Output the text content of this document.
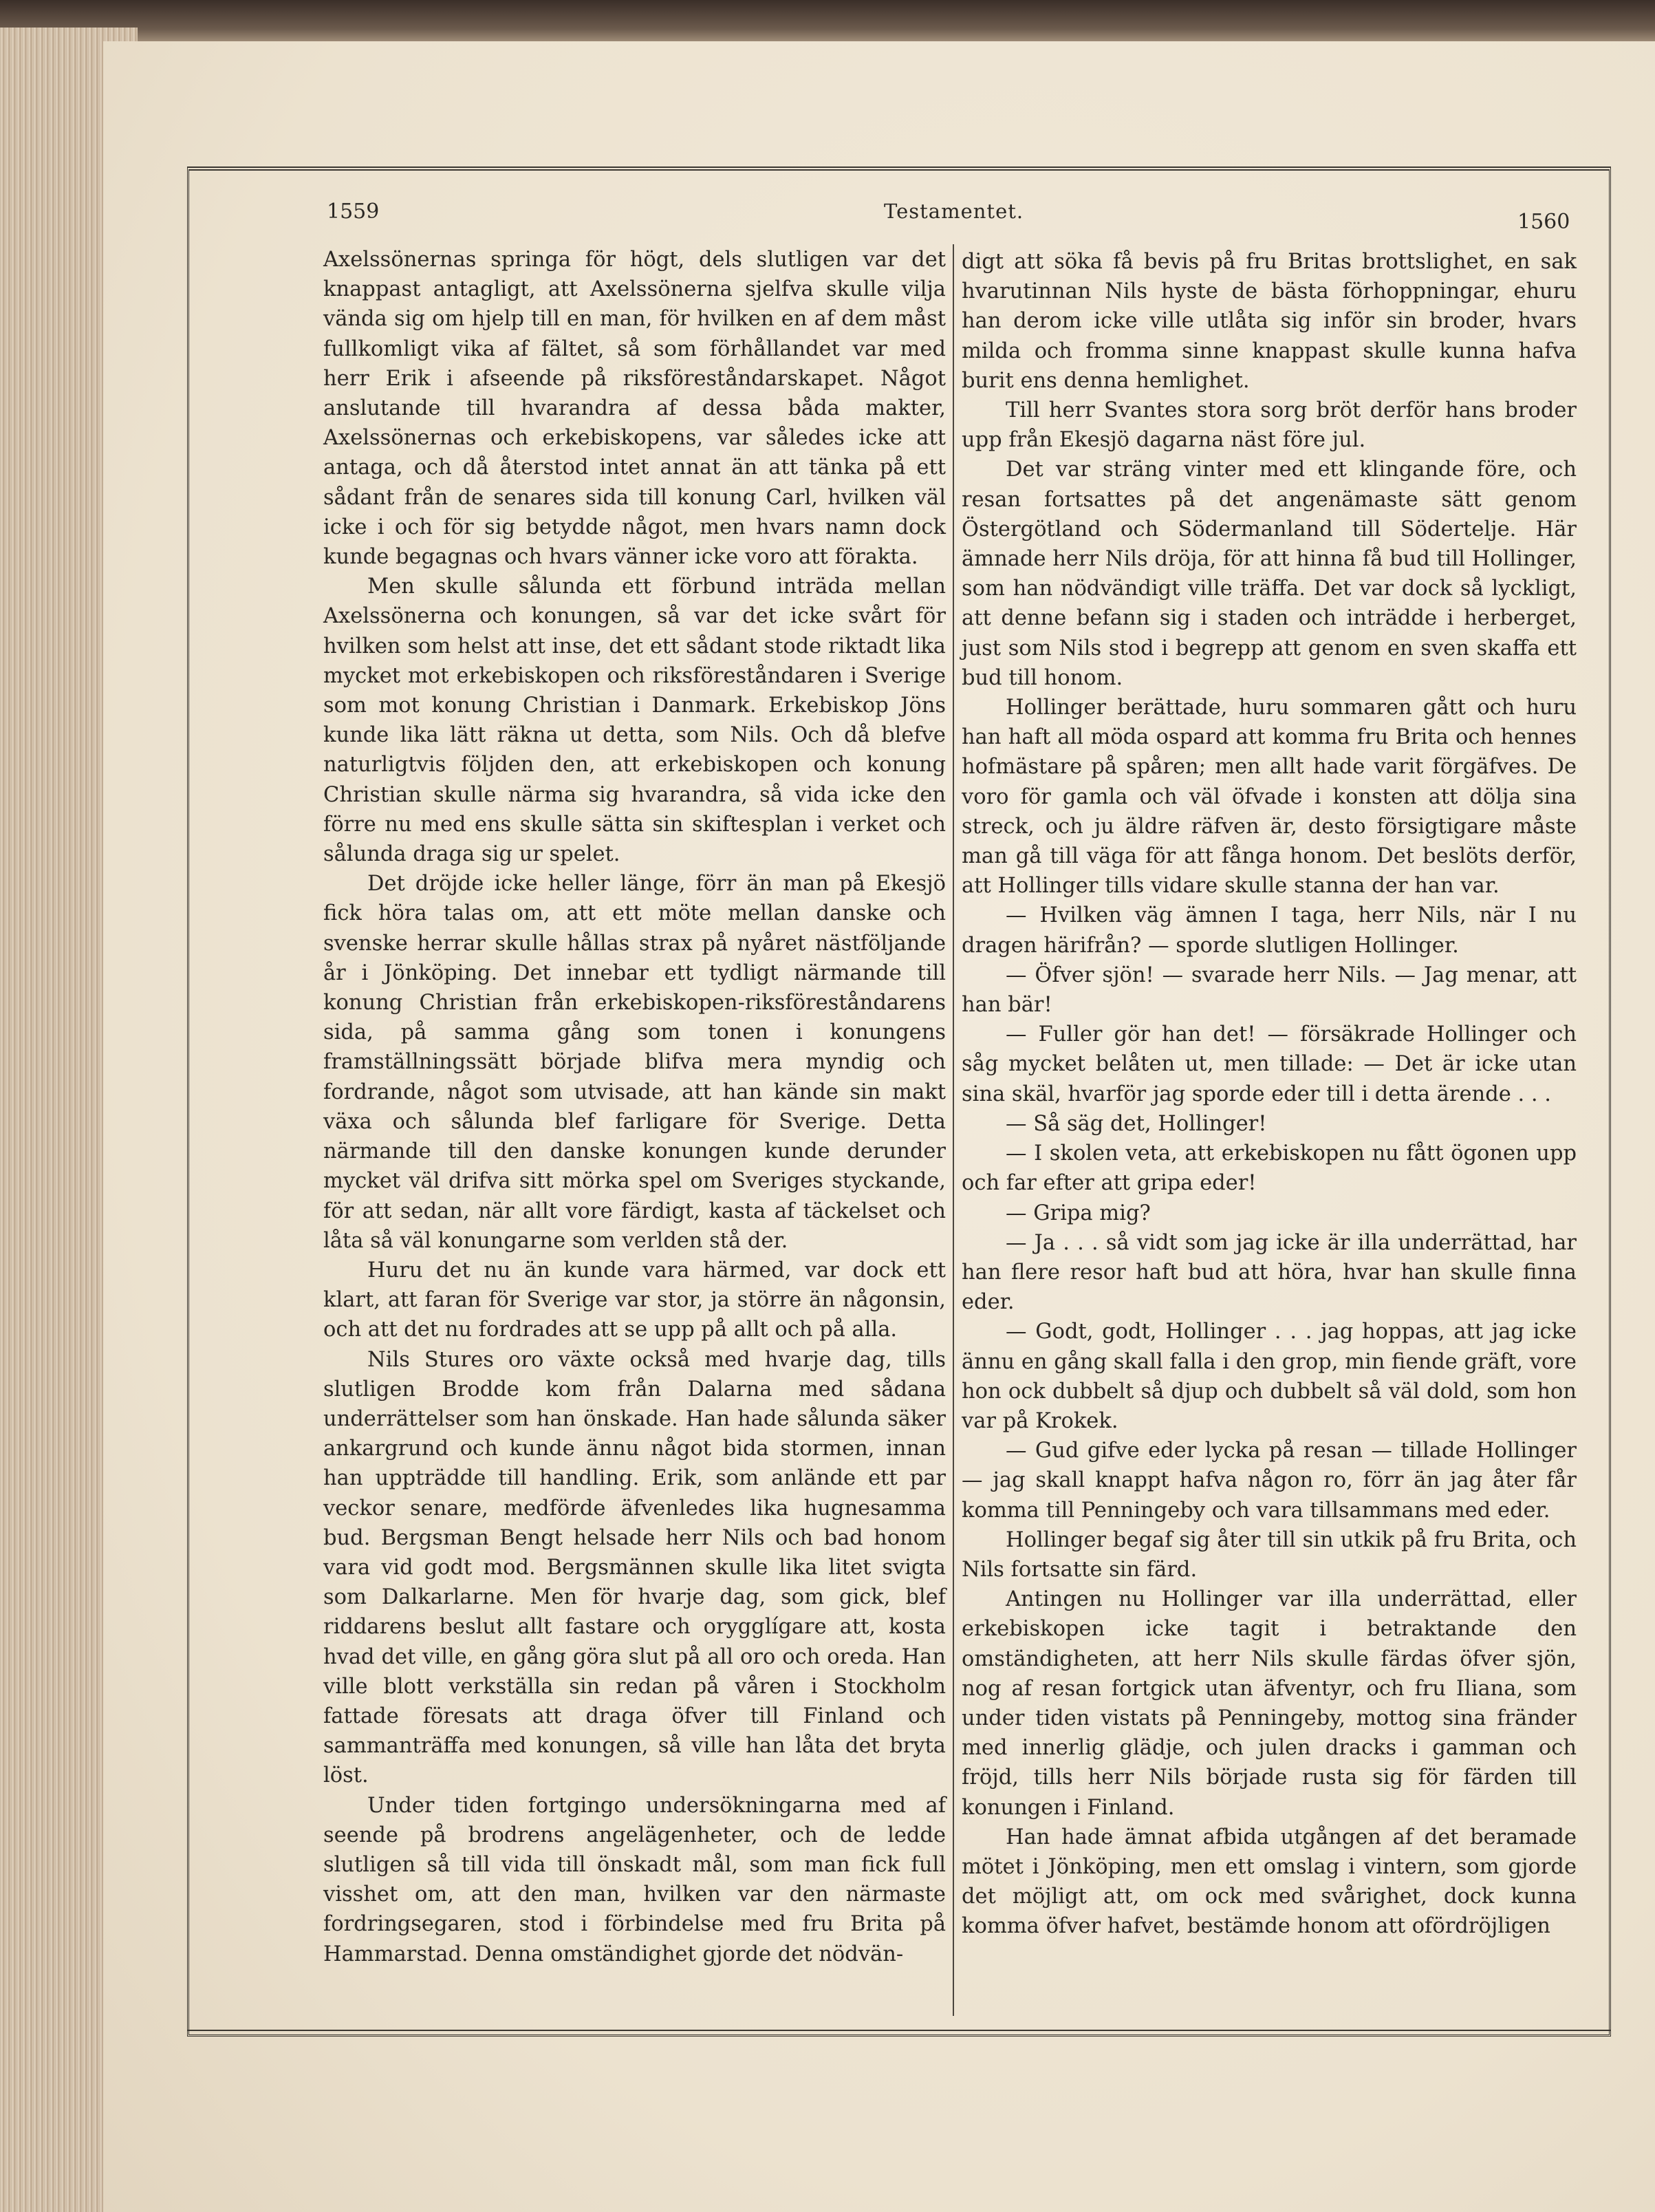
1559	Testamentet.	1560

Axelssönernas springa för högt, dels slutligen var det knappast antagligt, att Axelssönerna sjelfva skulle vilja vända sig om hjelp till en man, för hvilken en af dem måst fullkomligt vika af fältet, så som förhållandet var med herr Erik i afseende på riksföreståndarskapet. Något anslutande till hvarandra af dessa båda makter, Axelssönernas och erkebiskopens, var således icke att antaga, och då återstod intet annat än att tänka på ett sådant från de senares sida till konung Carl, hvilken väl icke i och för sig betydde något, men hvars namn dock kunde begagnas och hvars vänner icke voro att förakta.

Men skulle sålunda ett förbund inträda mellan Axelssönerna och konungen, så var det icke svårt för hvilken som helst att inse, det ett sådant stode riktadt lika mycket mot erkebiskopen och riksföreståndaren i Sverige som mot konung Christian i Danmark. Erkebiskop Jöns kunde lika lätt räkna ut detta, som Nils. Och då blefve naturligtvis följden den, att erkebiskopen och konung Christian skulle närma sig hvarandra, så vida icke den förre nu med ens skulle sätta sin skiftesplan i verket och sålunda draga sig ur spelet.

Det dröjde icke heller länge, förr än man på Ekesjö fick höra talas om, att ett möte mellan danske och svenske herrar skulle hållas strax på nyåret nästföljande år i Jönköping. Det innebar ett tydligt närmande till konung Christian från erkebiskopen-riksföreståndarens sida, på samma gång som tonen i konungens framställningssätt började blifva mera myndig och fordrande, något som utvisade, att han kände sin makt växa och sålunda blef farligare för Sverige. Detta närmande till den danske konungen kunde derunder mycket väl drifva sitt mörka spel om Sveriges styckande, för att sedan, när allt vore färdigt, kasta af täckelset och låta så väl konungarne som verlden stå der.

Huru det nu än kunde vara härmed, var dock ett klart, att faran för Sverige var stor, ja större än någonsin, och att det nu fordrades att se upp på allt och på alla.

Nils Stures oro växte också med hvarje dag, tills slutligen Brodde kom från Dalarna med sådana underrättelser som han önskade. Han hade sålunda säker ankargrund och kunde ännu något bida stormen, innan han uppträdde till handling. Erik, som anlände ett par veckor senare, medförde äfvenledes lika hugnesamma bud. Bergsman Bengt helsade herr Nils och bad honom vara vid godt mod. Bergsmännen skulle lika litet svigta som Dalkarlarne. Men för hvarje dag, som gick, blef riddarens beslut allt fastare och orygglígare att, kosta hvad det ville, en gång göra slut på all oro och oreda. Han ville blott verkställa sin redan på våren i Stockholm fattade föresats att draga öfver till Finland och sammanträffa med konungen, så ville han låta det bryta löst.

Under tiden fortgingo undersökningarna med af seende på brodrens angelägenheter, och de ledde slutligen så till vida till önskadt mål, som man fick full visshet om, att den man, hvilken var den närmaste fordringsegaren, stod i förbindelse med fru Brita på Hammarstad. Denna omständighet gjorde det nödvän-

digt att söka få bevis på fru Britas brottslighet, en sak hvarutinnan Nils hyste de bästa förhoppningar, ehuru han derom icke ville utlåta sig inför sin broder, hvars milda och fromma sinne knappast skulle kunna hafva burit ens denna hemlighet.

Till herr Svantes stora sorg bröt derför hans broder upp från Ekesjö dagarna näst före jul.

Det var sträng vinter med ett klingande före, och resan fortsattes på det angenämaste sätt genom Östergötland och Södermanland till Södertelje. Här ämnade herr Nils dröja, för att hinna få bud till Hollinger, som han nödvändigt ville träffa. Det var dock så lyckligt, att denne befann sig i staden och inträdde i herberget, just som Nils stod i begrepp att genom en sven skaffa ett bud till honom.

Hollinger berättade, huru sommaren gått och huru han haft all möda ospard att komma fru Brita och hennes hofmästare på spåren; men allt hade varit förgäfves. De voro för gamla och väl öfvade i konsten att dölja sina streck, och ju äldre räfven är, desto försigtigare måste man gå till väga för att fånga honom. Det beslöts derför, att Hollinger tills vidare skulle stanna der han var.

— Hvilken väg ämnen I taga, herr Nils, när I nu dragen härifrån? — sporde slutligen Hollinger.

— Öfver sjön! — svarade herr Nils. — Jag menar, att han bär!

— Fuller gör han det! — försäkrade Hollinger och såg mycket belåten ut, men tillade: — Det är icke utan sina skäl, hvarför jag sporde eder till i detta ärende . . .

— Så säg det, Hollinger!

— I skolen veta, att erkebiskopen nu fått ögonen upp och far efter att gripa eder!

— Gripa mig?

— Ja . . . så vidt som jag icke är illa underrättad, har han flere resor haft bud att höra, hvar han skulle finna eder.

— Godt, godt, Hollinger . . . jag hoppas, att jag icke ännu en gång skall falla i den grop, min fiende gräft, vore hon ock dubbelt så djup och dubbelt så väl dold, som hon var på Krokek.

— Gud gifve eder lycka på resan — tillade Hollinger — jag skall knappt hafva någon ro, förr än jag åter får komma till Penningeby och vara tillsammans med eder.

Hollinger begaf sig åter till sin utkik på fru Brita, och Nils fortsatte sin färd.

Antingen nu Hollinger var illa underrättad, eller erkebiskopen icke tagit i betraktande den omständigheten, att herr Nils skulle färdas öfver sjön, nog af resan fortgick utan äfventyr, och fru Iliana, som under tiden vistats på Penningeby, mottog sina fränder med innerlig glädje, och julen dracks i gamman och fröjd, tills herr Nils började rusta sig för färden till konungen i Finland.

Han hade ämnat afbida utgången af det beramade mötet i Jönköping, men ett omslag i vintern, som gjorde det möjligt att, om ock med svårighet, dock kunna komma öfver hafvet, bestämde honom att ofördröjligen
